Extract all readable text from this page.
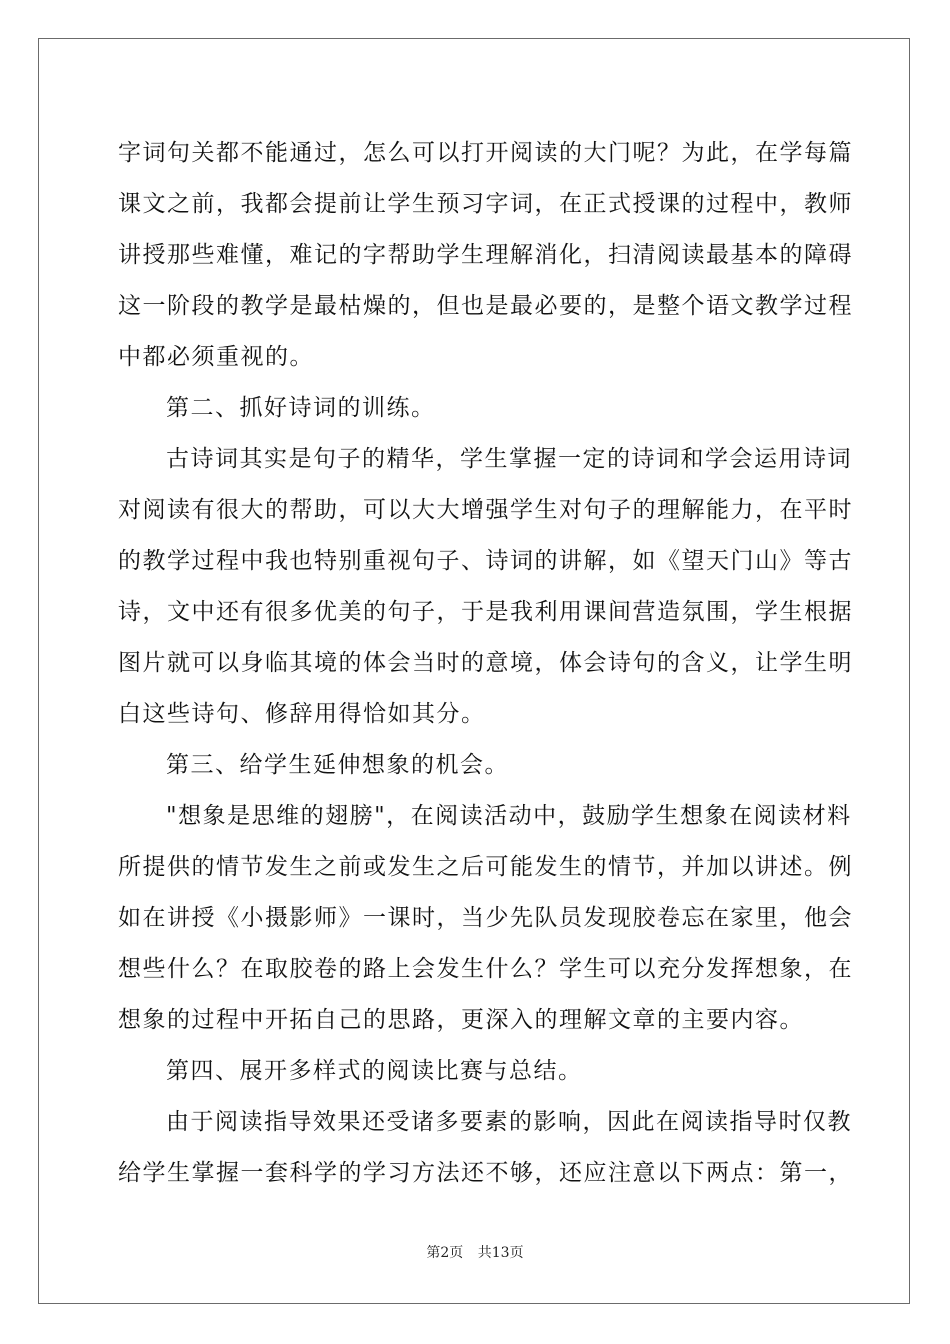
字词句关都不能通过，怎么可以打开阅读的大门呢？为此，在学每篇
课文之前，我都会提前让学生预习字词，在正式授课的过程中，教师
讲授那些难懂，难记的字帮助学生理解消化，扫清阅读最基本的障碍
这一阶段的教学是最枯燥的，但也是最必要的，是整个语文教学过程
中都必须重视的。
第二、抓好诗词的训练。
古诗词其实是句子的精华，学生掌握一定的诗词和学会运用诗词
对阅读有很大的帮助，可以大大增强学生对句子的理解能力，在平时
的教学过程中我也特别重视句子、诗词的讲解，如《望天门山》等古
诗，文中还有很多优美的句子，于是我利用课间营造氛围，学生根据
图片就可以身临其境的体会当时的意境，体会诗句的含义，让学生明
白这些诗句、修辞用得恰如其分。
第三、给学生延伸想象的机会。
"想象是思维的翅膀"，在阅读活动中，鼓励学生想象在阅读材料
所提供的情节发生之前或发生之后可能发生的情节，并加以讲述。例
如在讲授《小摄影师》一课时，当少先队员发现胶卷忘在家里，他会
想些什么？在取胶卷的路上会发生什么？学生可以充分发挥想象，在
想象的过程中开拓自己的思路，更深入的理解文章的主要内容。
第四、展开多样式的阅读比赛与总结。
由于阅读指导效果还受诸多要素的影响，因此在阅读指导时仅教
给学生掌握一套科学的学习方法还不够，还应注意以下两点：第一，
第2页 共13页
